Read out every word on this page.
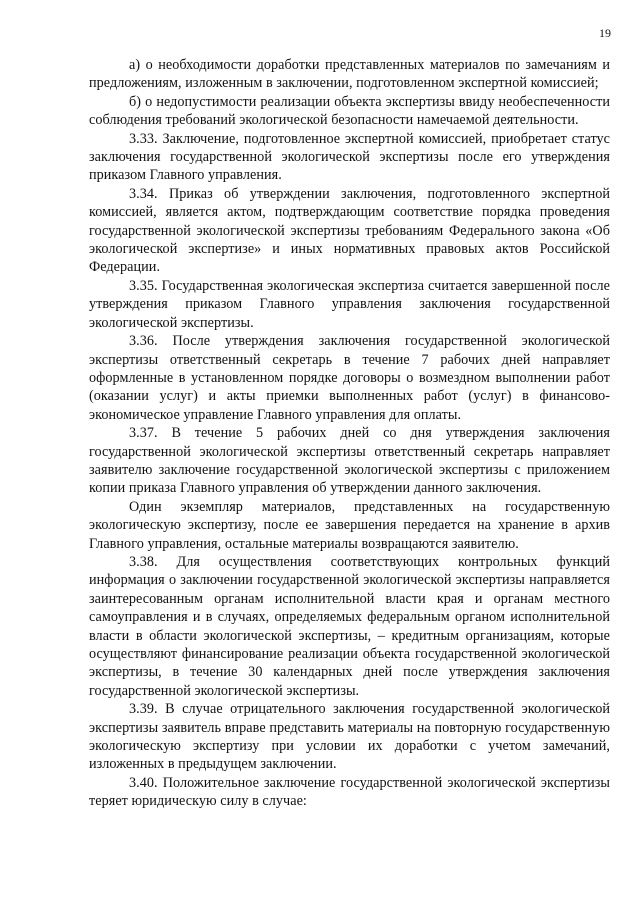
19

а) о необходимости доработки представленных материалов по замечаниям и предложениям, изложенным в заключении, подготовленном экспертной комиссией;

б) о недопустимости реализации объекта экспертизы ввиду необеспеченности соблюдения требований экологической безопасности намечаемой деятельности.

3.33. Заключение, подготовленное экспертной комиссией, приобретает статус заключения государственной экологической экспертизы после его утверждения приказом Главного управления.

3.34. Приказ об утверждении заключения, подготовленного экспертной комиссией, является актом, подтверждающим соответствие порядка проведения государственной экологической экспертизы требованиям Федерального закона «Об экологической экспертизе» и иных нормативных правовых актов Российской Федерации.

3.35. Государственная экологическая экспертиза считается завершенной после утверждения приказом Главного управления заключения государственной экологической экспертизы.

3.36. После утверждения заключения государственной экологической экспертизы ответственный секретарь в течение 7 рабочих дней направляет оформленные в установленном порядке договоры о возмездном выполнении работ (оказании услуг) и акты приемки выполненных работ (услуг) в финансово-экономическое управление Главного управления для оплаты.

3.37. В течение 5 рабочих дней со дня утверждения заключения государственной экологической экспертизы ответственный секретарь направляет заявителю заключение государственной экологической экспертизы с приложением копии приказа Главного управления об утверждении данного заключения.

Один экземпляр материалов, представленных на государственную экологическую экспертизу, после ее завершения передается на хранение в архив Главного управления, остальные материалы возвращаются заявителю.

3.38. Для осуществления соответствующих контрольных функций информация о заключении государственной экологической экспертизы направляется заинтересованным органам исполнительной власти края и органам местного самоуправления и в случаях, определяемых федеральным органом исполнительной власти в области экологической экспертизы, – кредитным организациям, которые осуществляют финансирование реализации объекта государственной экологической экспертизы, в течение 30 календарных дней после утверждения заключения государственной экологической экспертизы.

3.39. В случае отрицательного заключения государственной экологической экспертизы заявитель вправе представить материалы на повторную государственную экологическую экспертизу при условии их доработки с учетом замечаний, изложенных в предыдущем заключении.

3.40. Положительное заключение государственной экологической экспертизы теряет юридическую силу в случае:
